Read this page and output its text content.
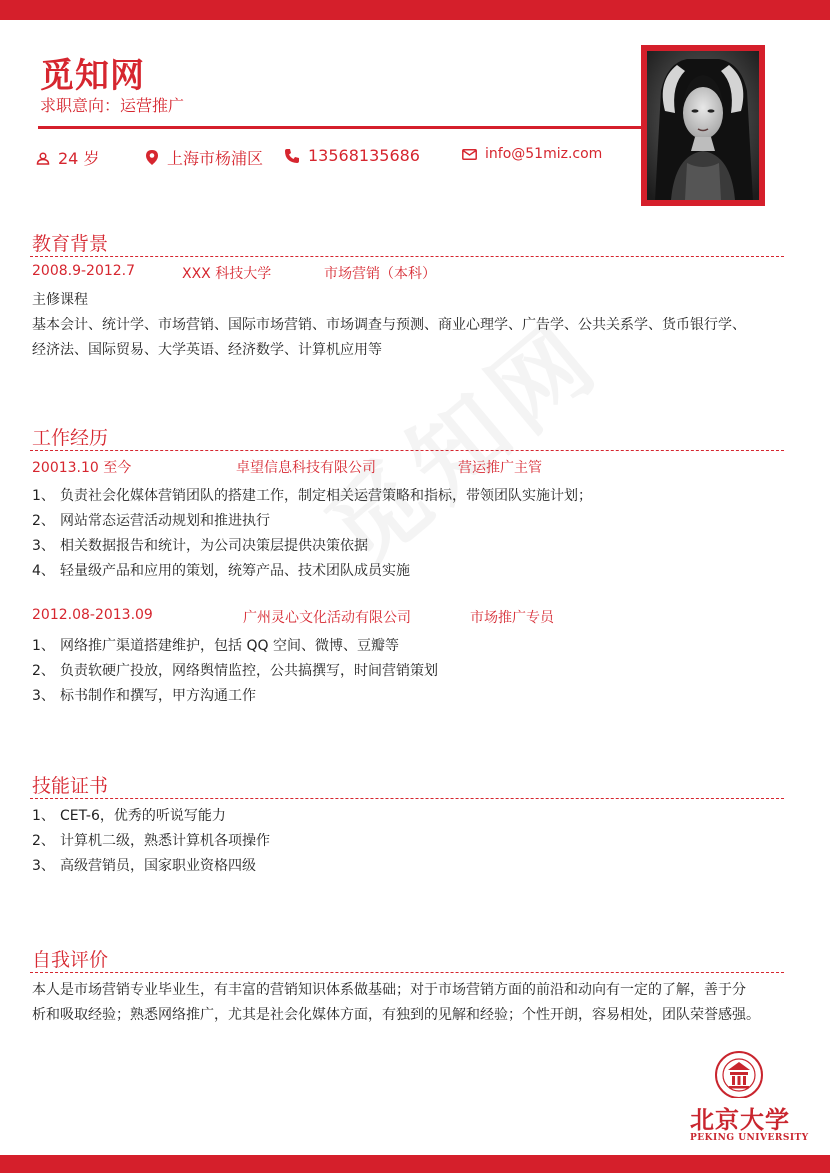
觅知网
求职意向：运营推广
24 岁	上海市杨浦区	13568135686	info@51miz.com
教育背景
2008.9-2012.7	XXX 科技大学	市场营销（本科）
主修课程
基本会计、统计学、市场营销、国际市场营销、市场调查与预测、商业心理学、广告学、公共关系学、货币银行学、
经济法、国际贸易、大学英语、经济数学、计算机应用等
工作经历
20013.10 至今	卓望信息科技有限公司	营运推广主管
1、 负责社会化媒体营销团队的搭建工作，制定相关运营策略和指标，带领团队实施计划；
2、 网站常态运营活动规划和推进执行
3、 相关数据报告和统计，为公司决策层提供决策依据
4、 轻量级产品和应用的策划，统筹产品、技术团队成员实施
2012.08-2013.09	广州灵心文化活动有限公司	市场推广专员
1、 网络推广渠道搭建维护，包括 QQ 空间、微博、豆瓣等
2、 负责软硬广投放，网络舆情监控，公共搞撰写，时间营销策划
3、 标书制作和撰写，甲方沟通工作
技能证书
1、 CET-6，优秀的听说写能力
2、 计算机二级，熟悉计算机各项操作
3、 高级营销员，国家职业资格四级
自我评价
本人是市场营销专业毕业生，有丰富的营销知识体系做基础；对于市场营销方面的前沿和动向有一定的了解，善于分
析和吸取经验；熟悉网络推广，尤其是社会化媒体方面，有独到的见解和经验；个性开朗，容易相处，团队荣誉感强。
北京大学
PEKING UNIVERSITY
